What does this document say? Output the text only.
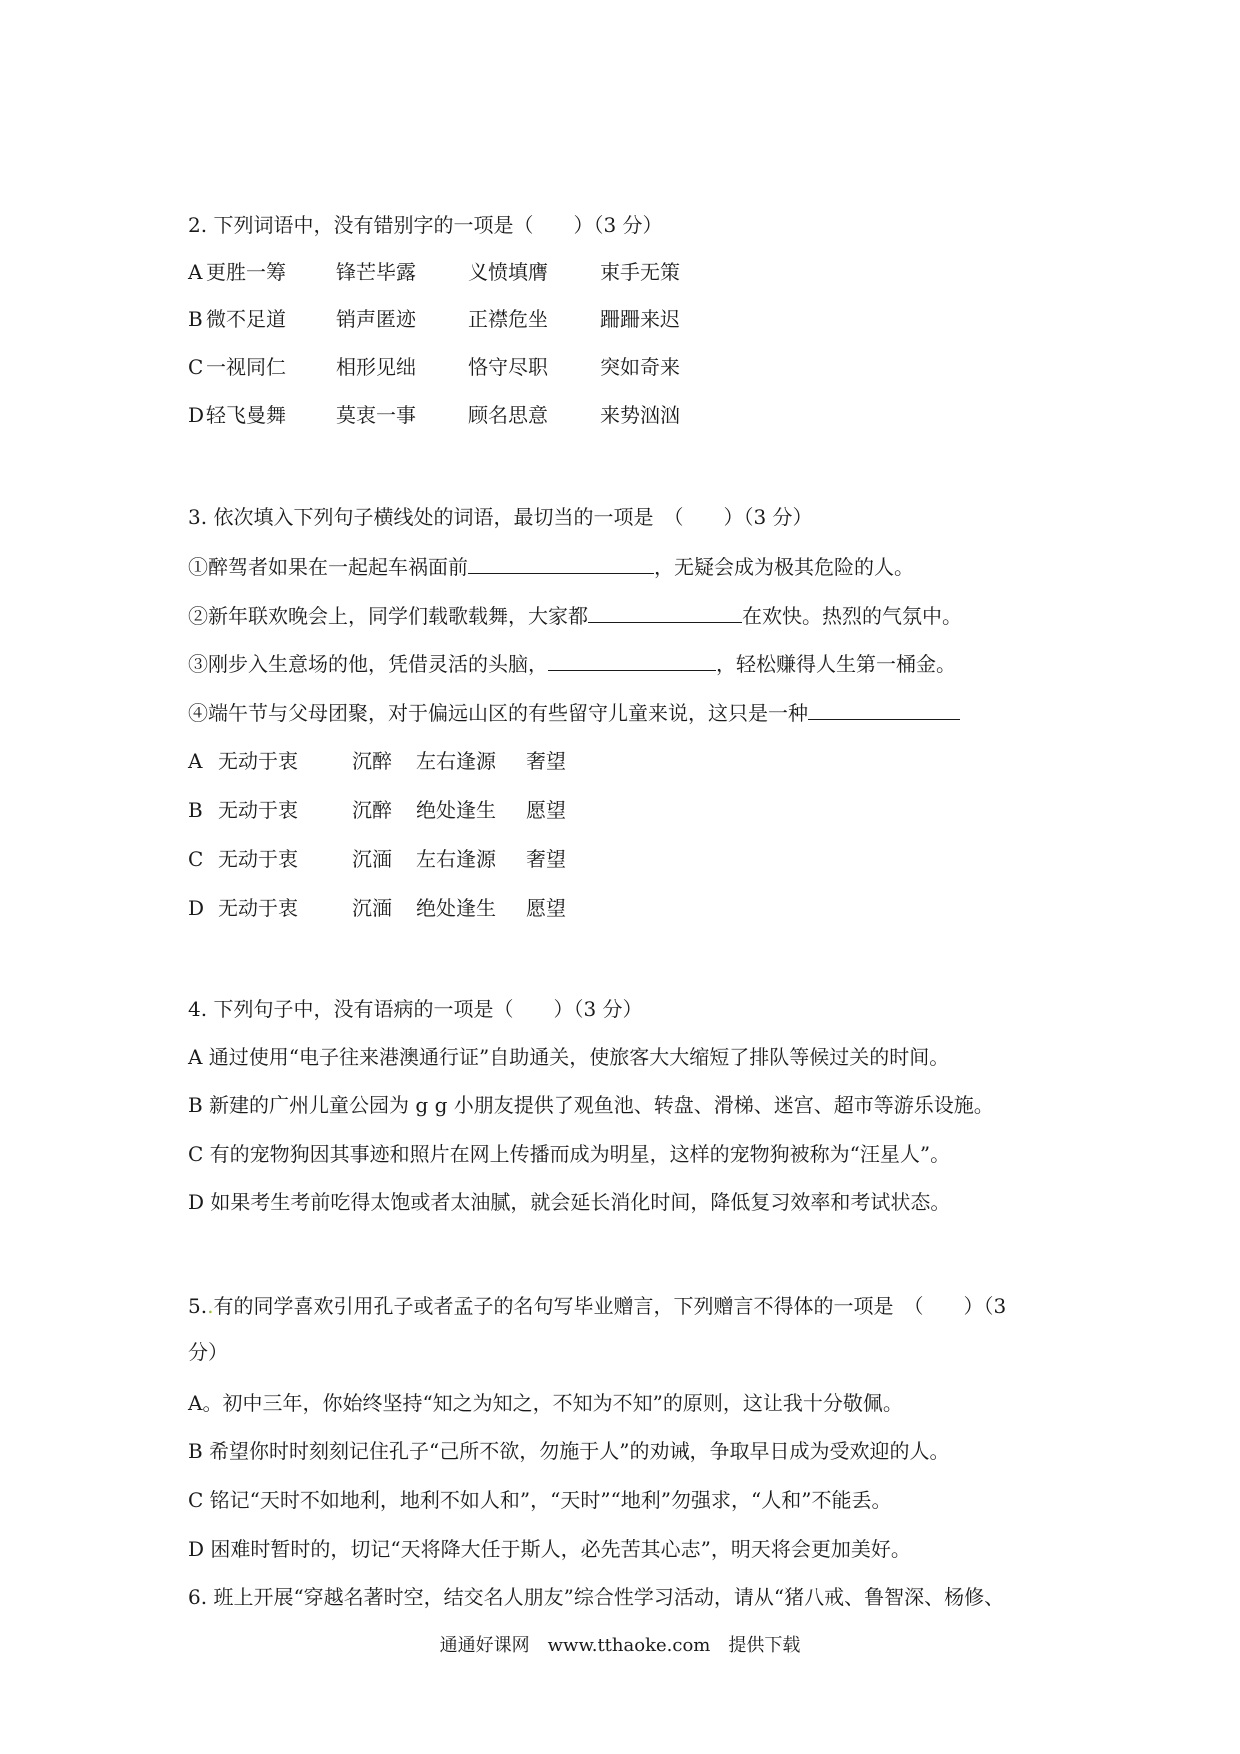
2. 下列词语中，没有错别字的一项是（　　）（3 分）
A 更胜一筹	锋芒毕露	义愤填膺	束手无策
B 微不足道	销声匿迹	正襟危坐	跚跚来迟
C 一视同仁	相形见绌	恪守尽职	突如奇来
D 轻飞曼舞	莫衷一事	顾名思意	来势汹汹
3. 依次填入下列句子横线处的词语，最切当的一项是　（　　）（3 分）
①醉驾者如果在一起起车祸面前	，无疑会成为极其危险的人。
②新年联欢晚会上，同学们载歌载舞，大家都	在欢快。热烈的气氛中。
③刚步入生意场的他，凭借灵活的头脑，	，轻松赚得人生第一桶金。
④端午节与父母团聚，对于偏远山区的有些留守儿童来说，这只是一种
A 无动于衷	沉醉 左右逢源 奢望
B 无动于衷	沉醉 绝处逢生 愿望
C 无动于衷	沉湎 左右逢源 奢望
D 无动于衷	沉湎 绝处逢生 愿望
4. 下列句子中，没有语病的一项是（　　）（3 分）
A 通过使用“电子往来港澳通行证”自助通关，使旅客大大缩短了排队等候过关的时间。
B 新建的广州儿童公园为 g g 小朋友提供了观鱼池、转盘、滑梯、迷宫、超市等游乐设施。
C 有的宠物狗因其事迹和照片在网上传播而成为明星，这样的宠物狗被称为“汪星人”。
D 如果考生考前吃得太饱或者太油腻，就会延长消化时间，降低复习效率和考试状态。
5..有的同学喜欢引用孔子或者孟子的名句写毕业赠言，下列赠言不得体的一项是　（　　）（3
分）
A。初中三年，你始终坚持“知之为知之，不知为不知”的原则，这让我十分敬佩。
B 希望你时时刻刻记住孔子“己所不欲，勿施于人”的劝诫，争取早日成为受欢迎的人。
C 铭记“天时不如地利，地利不如人和”，“天时”“地利”勿强求，“人和”不能丢。
D 困难时暂时的，切记“天将降大任于斯人，必先苦其心志”，明天将会更加美好。
6. 班上开展“穿越名著时空，结交名人朋友”综合性学习活动，请从“猪八戒、鲁智深、杨修、
通通好课网　www.tthaoke.com　提供下载
